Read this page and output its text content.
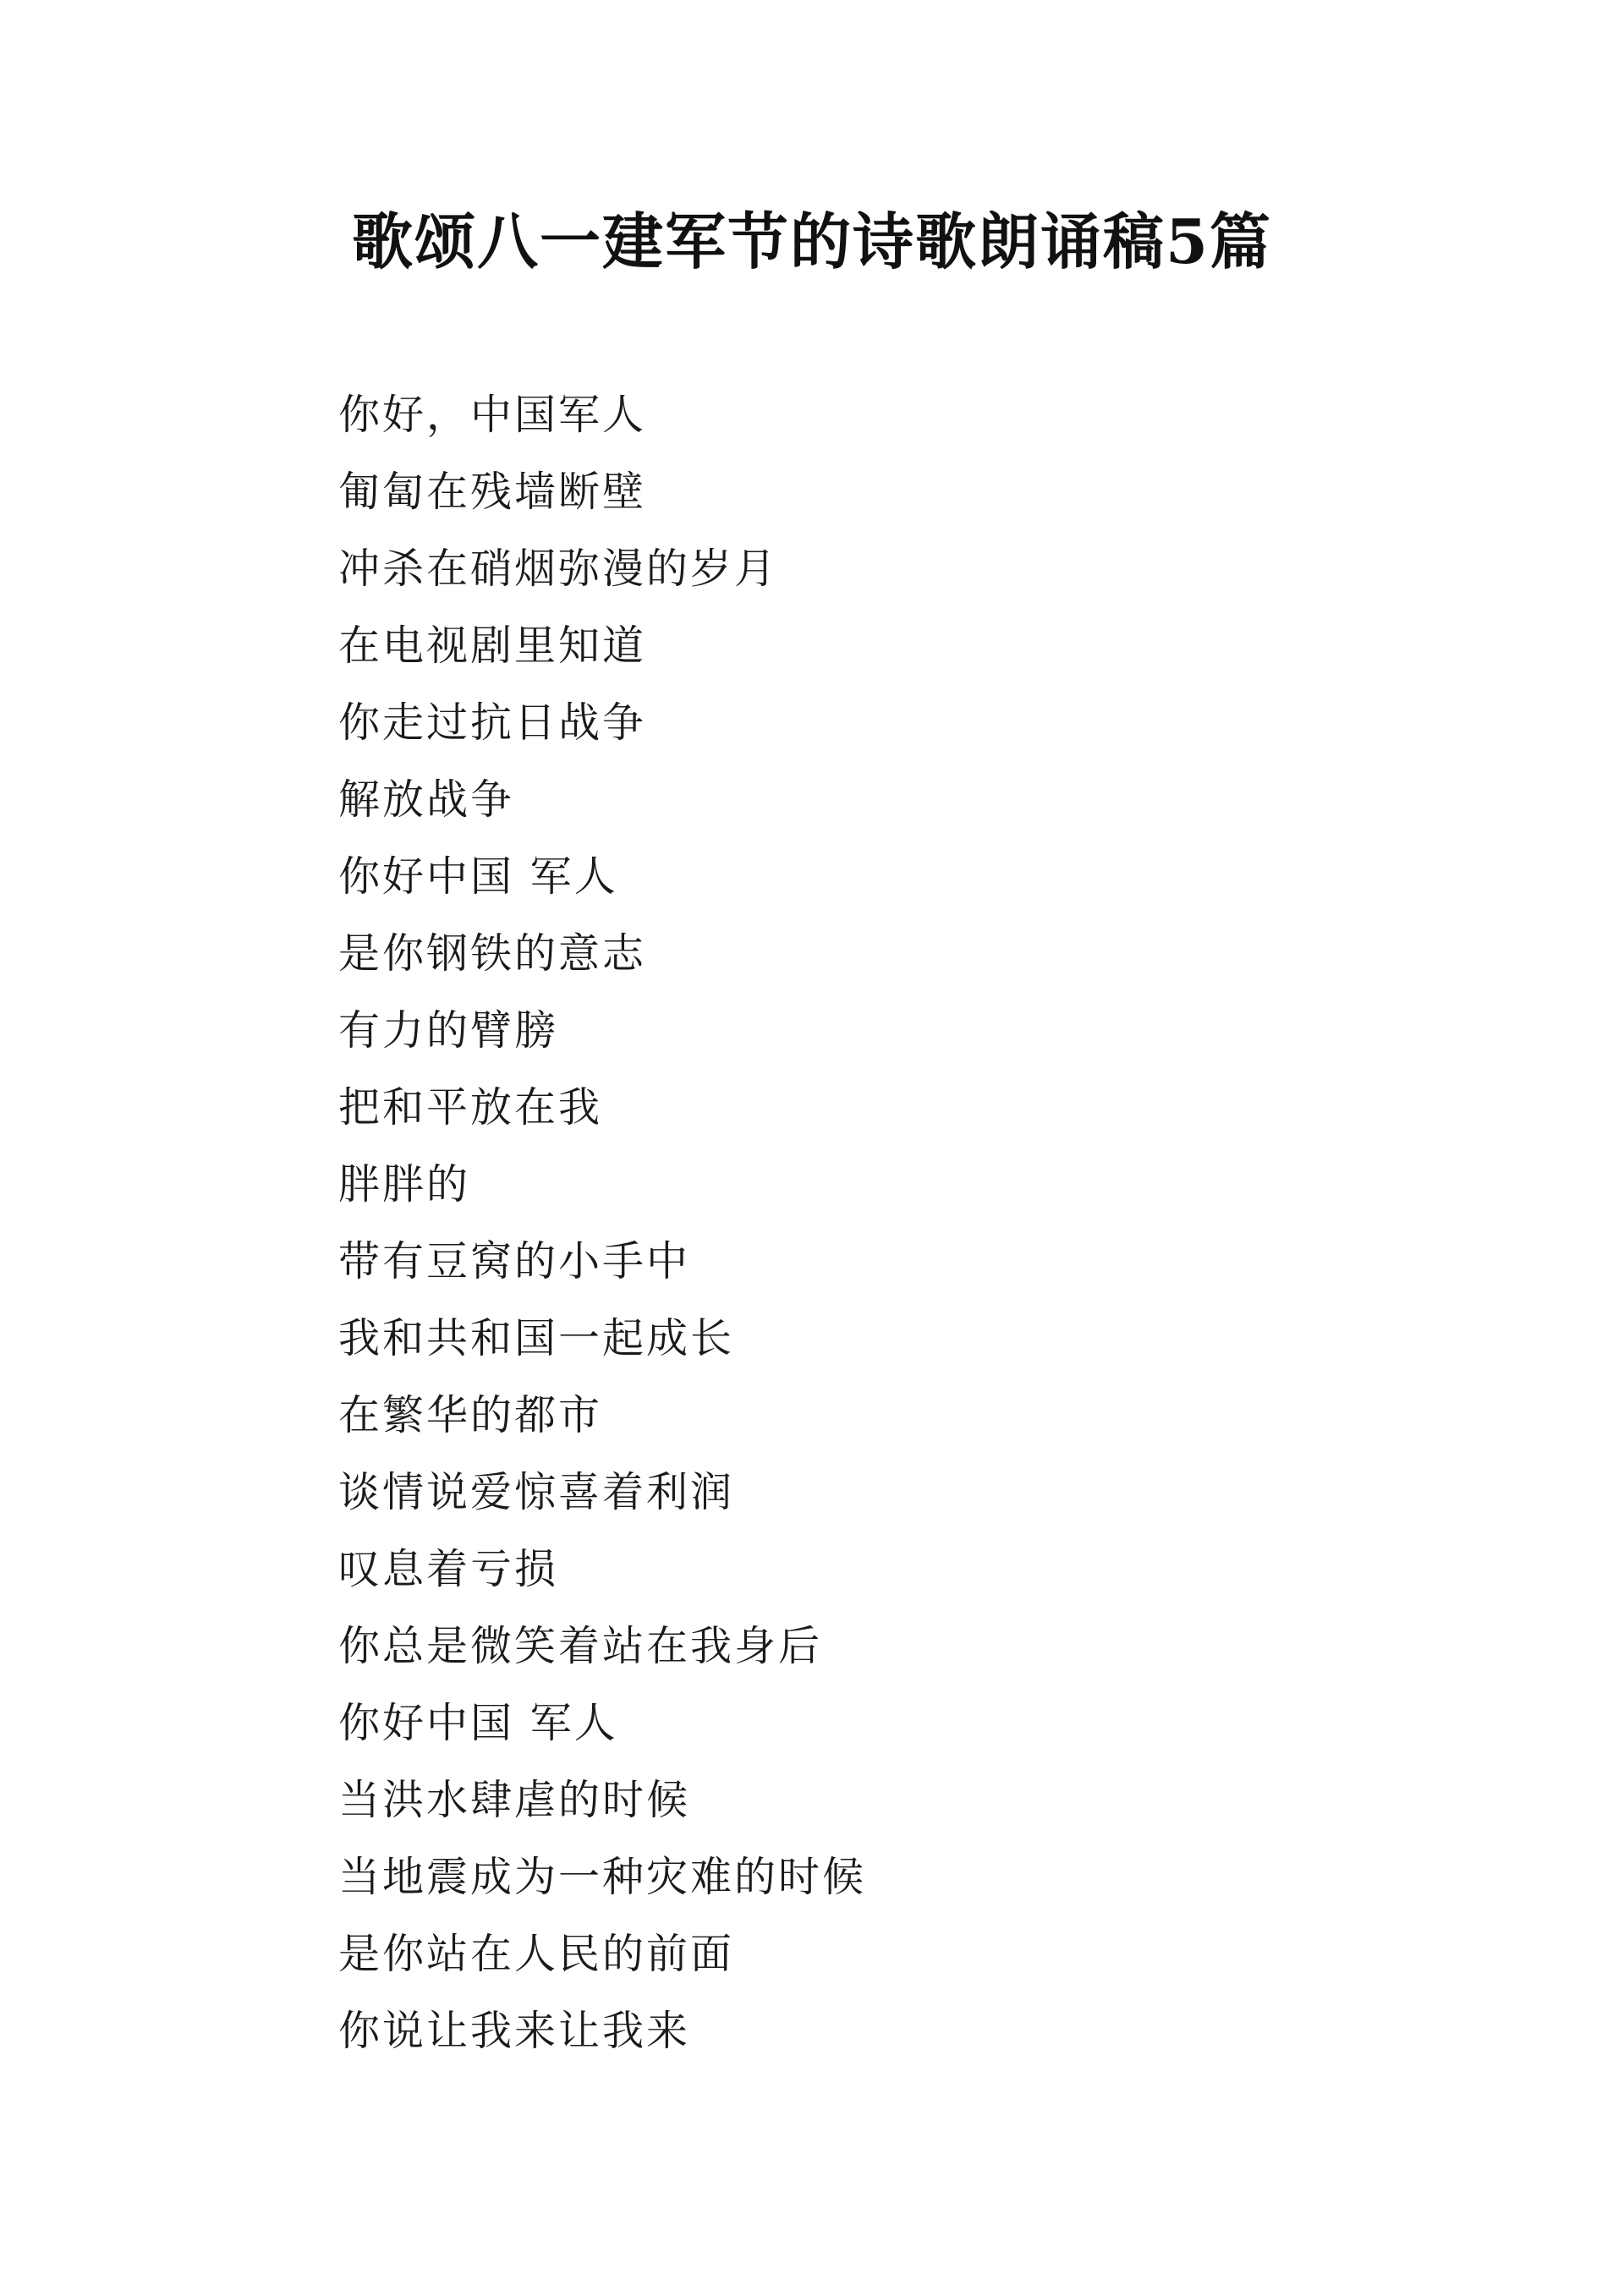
歌颂八一建军节的诗歌朗诵稿5篇
你好，中国军人
匍匐在残墙断壁
冲杀在硝烟弥漫的岁月
在电视剧里知道
你走过抗日战争
解放战争
你好中国 军人
是你钢铁的意志
有力的臂膀
把和平放在我
胖胖的
带有豆窝的小手中
我和共和国一起成长
在繁华的都市
谈情说爱惊喜着利润
叹息着亏损
你总是微笑着站在我身后
你好中国 军人
当洪水肆虐的时候
当地震成为一种灾难的时候
是你站在人民的前面
你说让我来让我来
